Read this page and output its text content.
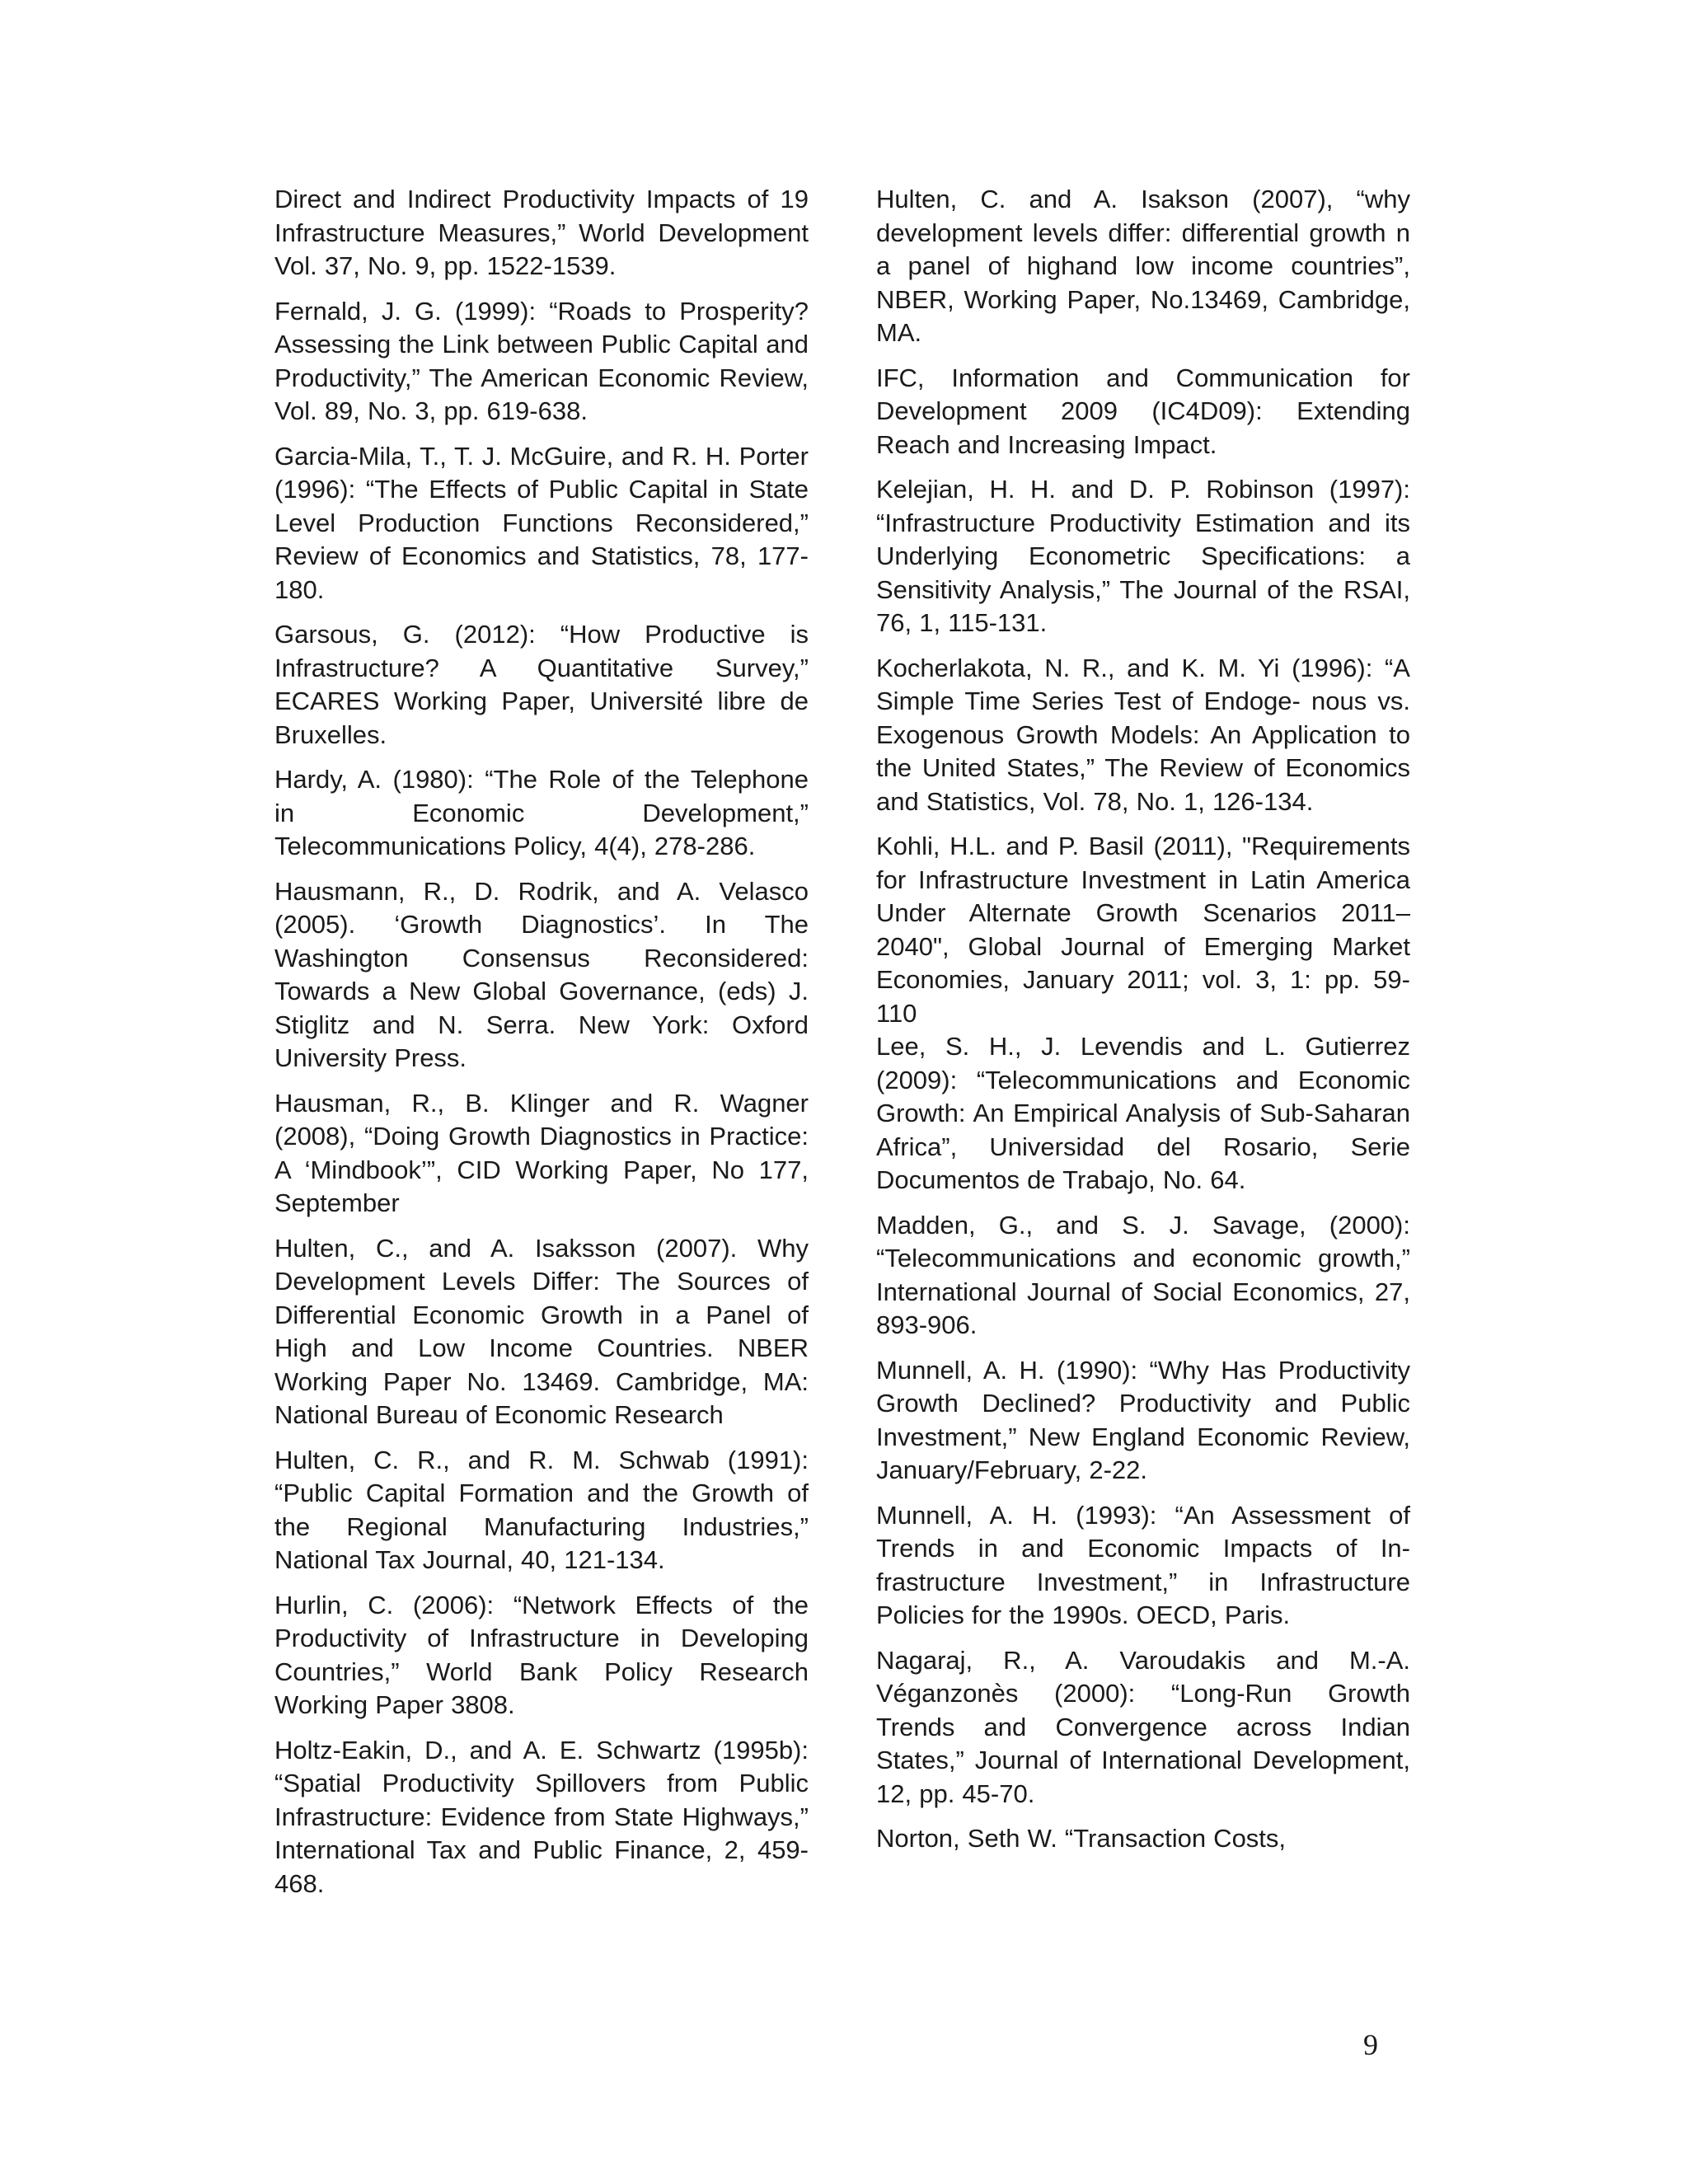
Direct and Indirect Productivity Impacts of 19 Infrastructure Measures,” World Development Vol. 37, No. 9, pp. 1522-1539.

Fernald, J. G. (1999): “Roads to Prosperity? Assessing the Link between Public Capital and Productivity,” The American Economic Review, Vol. 89, No. 3, pp. 619-638.

Garcia-Mila, T., T. J. McGuire, and R. H. Porter (1996): “The Effects of Public Capital in State Level Production Functions Reconsidered,” Review of Economics and Statistics, 78, 177-180.

Garsous, G. (2012): “How Productive is Infrastructure? A Quantitative Survey,” ECARES Working Paper, Université libre de Bruxelles.

Hardy, A. (1980): “The Role of the Telephone in Economic Development,” Telecommunications Policy, 4(4), 278-286.

Hausmann, R., D. Rodrik, and A. Velasco (2005). ‘Growth Diagnostics’. In The Washington Consensus Reconsidered: Towards a New Global Governance, (eds) J. Stiglitz and N. Serra. New York: Oxford University Press.

Hausman, R., B. Klinger and R. Wagner (2008), “Doing Growth Diagnostics in Practice: A ‘Mindbook’”, CID Working Paper, No 177, September

Hulten, C., and A. Isaksson (2007). Why Development Levels Differ: The Sources of Differential Economic Growth in a Panel of High and Low Income Countries. NBER Working Paper No. 13469. Cambridge, MA: National Bureau of Economic Research

Hulten, C. R., and R. M. Schwab (1991): “Public Capital Formation and the Growth of the Regional Manufacturing Industries,” National Tax Journal, 40, 121-134.

Hurlin, C. (2006): “Network Effects of the Productivity of Infrastructure in Developing Countries,” World Bank Policy Research Working Paper 3808.

Holtz-Eakin, D., and A. E. Schwartz (1995b): “Spatial Productivity Spillovers from Public Infrastructure: Evidence from State Highways,” International Tax and Public Finance, 2, 459-468.

Hulten, C. and A. Isakson (2007), “why development levels differ: differential growth n a panel of highand low income countries”, NBER, Working Paper, No.13469, Cambridge, MA.

IFC, Information and Communication for Development 2009 (IC4D09): Extending Reach and Increasing Impact.

Kelejian, H. H. and D. P. Robinson (1997): “Infrastructure Productivity Estimation and its Underlying Econometric Specifications: a Sensitivity Analysis,” The Journal of the RSAI, 76, 1, 115-131.

Kocherlakota, N. R., and K. M. Yi (1996): “A Simple Time Series Test of Endoge- nous vs. Exogenous Growth Models: An Application to the United States,” The Review of Economics and Statistics, Vol. 78, No. 1, 126-134.

Kohli, H.L. and P. Basil (2011), "Requirements for Infrastructure Investment in Latin America Under Alternate Growth Scenarios 2011–2040", Global Journal of Emerging Market Economies, January 2011; vol. 3, 1: pp. 59-110

Lee, S. H., J. Levendis and L. Gutierrez (2009): “Telecommunications and Economic Growth: An Empirical Analysis of Sub-Saharan Africa”, Universidad del Rosario, Serie Documentos de Trabajo, No. 64.

Madden, G., and S. J. Savage, (2000): “Telecommunications and economic growth,” International Journal of Social Economics, 27, 893-906.

Munnell, A. H. (1990): “Why Has Productivity Growth Declined? Productivity and Public Investment,” New England Economic Review, January/February, 2-22.

Munnell, A. H. (1993): “An Assessment of Trends in and Economic Impacts of In- frastructure Investment,” in Infrastructure Policies for the 1990s. OECD, Paris.

Nagaraj, R., A. Varoudakis and M.-A. Véganzonès (2000): “Long-Run Growth Trends and Convergence across Indian States,” Journal of International Development, 12, pp. 45-70.

Norton, Seth W. “Transaction Costs,

9
